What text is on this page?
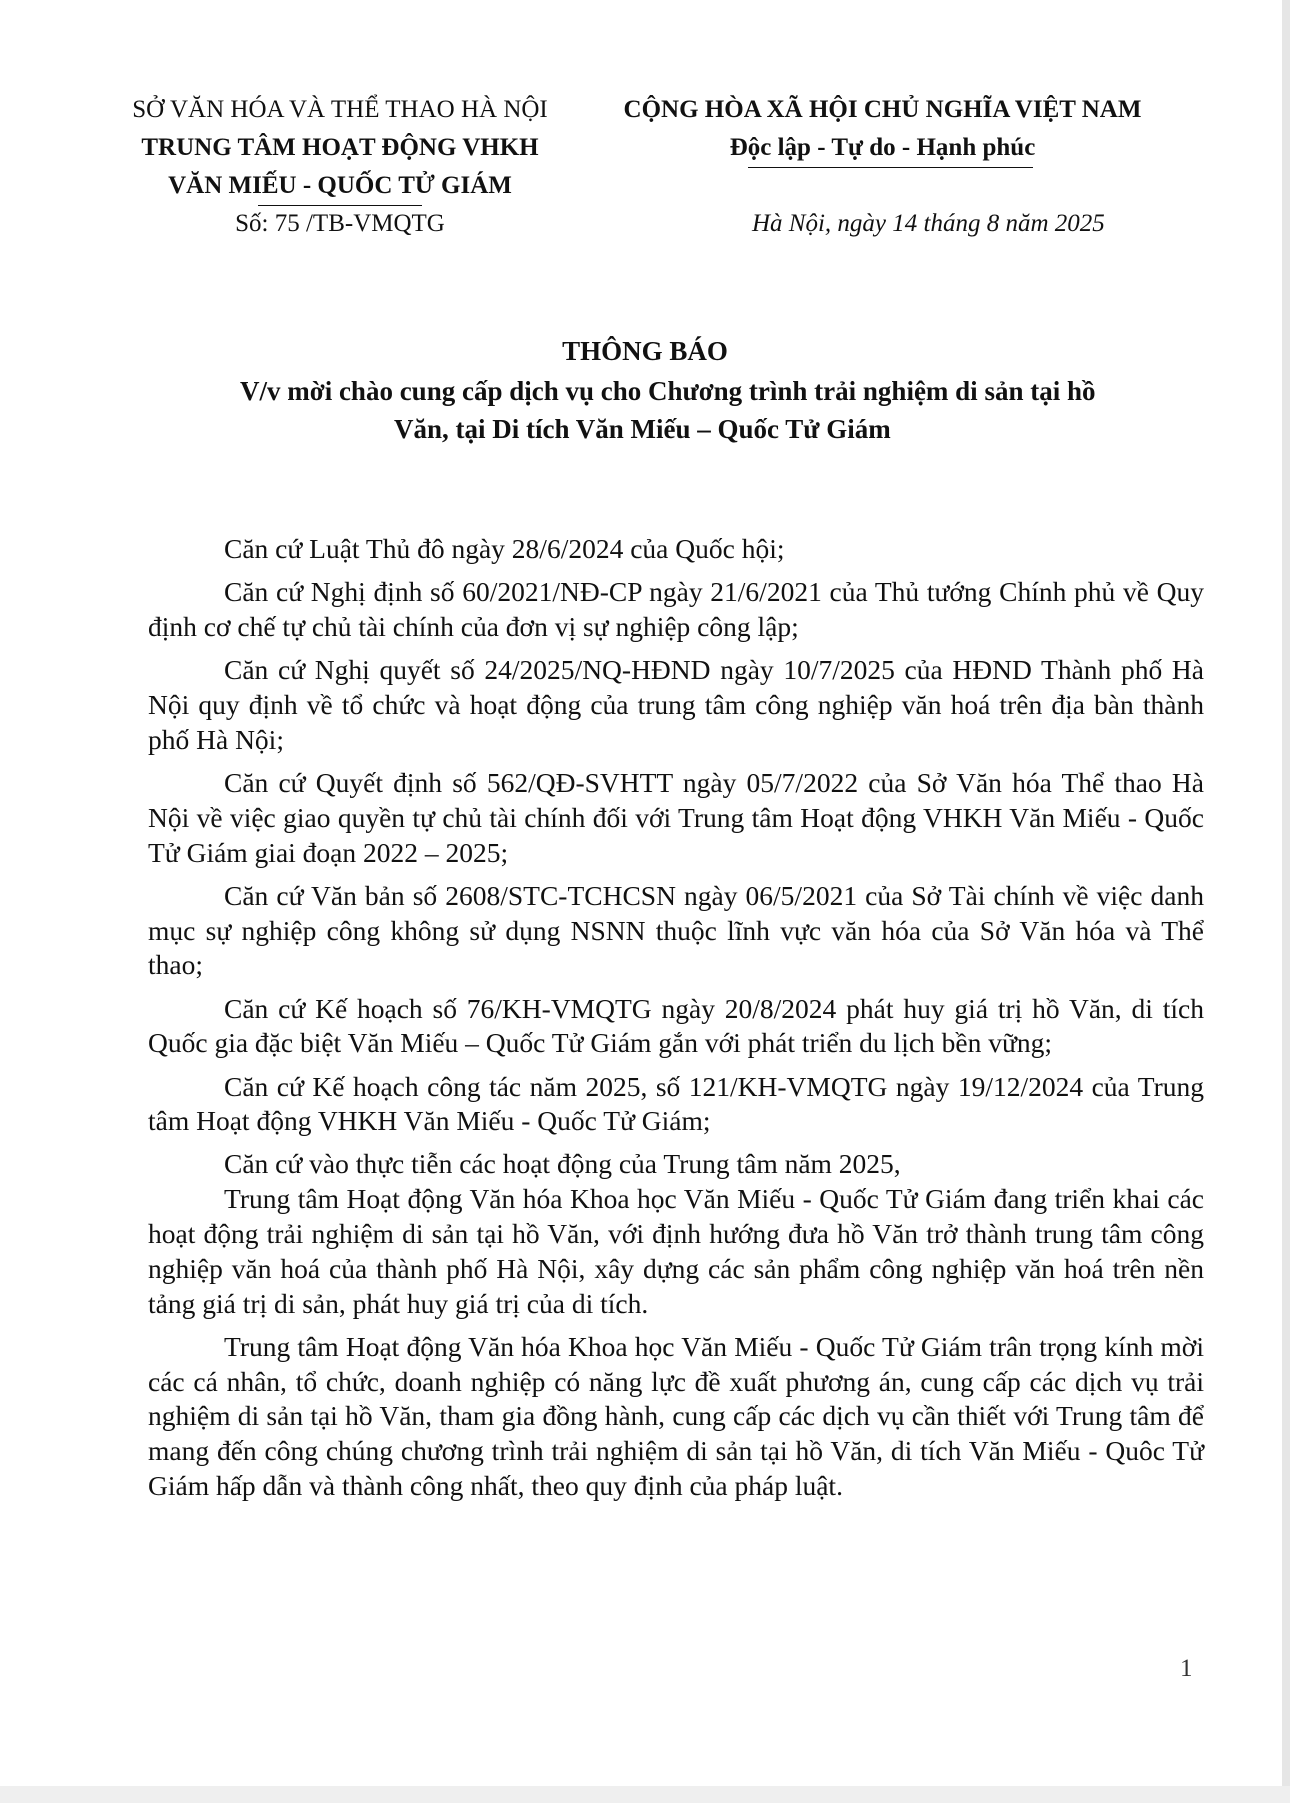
SỞ VĂN HÓA VÀ THỂ THAO HÀ NỘI
TRUNG TÂM HOẠT ĐỘNG VHKH
VĂN MIẾU - QUỐC TỬ GIÁM
Số: 75 /TB-VMQTG
CỘNG HÒA XÃ HỘI CHỦ NGHĨA VIỆT NAM
Độc lập - Tự do - Hạnh phúc
Hà Nội, ngày 14 tháng 8 năm 2025
THÔNG BÁO
V/v mời chào cung cấp dịch vụ cho Chương trình trải nghiệm di sản tại hồ
Văn, tại Di tích Văn Miếu – Quốc Tử Giám

Căn cứ Luật Thủ đô ngày 28/6/2024 của Quốc hội;

Căn cứ Nghị định số 60/2021/NĐ-CP ngày 21/6/2021 của Thủ tướng Chính phủ về Quy định cơ chế tự chủ tài chính của đơn vị sự nghiệp công lập;

Căn cứ Nghị quyết số 24/2025/NQ-HĐND ngày 10/7/2025 của HĐND Thành phố Hà Nội quy định về tổ chức và hoạt động của trung tâm công nghiệp văn hoá trên địa bàn thành phố Hà Nội;

Căn cứ Quyết định số 562/QĐ-SVHTT ngày 05/7/2022 của Sở Văn hóa Thể thao Hà Nội về việc giao quyền tự chủ tài chính đối với Trung tâm Hoạt động VHKH Văn Miếu - Quốc Tử Giám giai đoạn 2022 – 2025;

Căn cứ Văn bản số 2608/STC-TCHCSN ngày 06/5/2021 của Sở Tài chính về việc danh mục sự nghiệp công không sử dụng NSNN thuộc lĩnh vực văn hóa của Sở Văn hóa và Thể thao;

Căn cứ Kế hoạch số 76/KH-VMQTG ngày 20/8/2024 phát huy giá trị hồ Văn, di tích Quốc gia đặc biệt Văn Miếu – Quốc Tử Giám gắn với phát triển du lịch bền vững;

Căn cứ Kế hoạch công tác năm 2025, số 121/KH-VMQTG ngày 19/12/2024 của Trung tâm Hoạt động VHKH Văn Miếu - Quốc Tử Giám;

Căn cứ vào thực tiễn các hoạt động của Trung tâm năm 2025,

Trung tâm Hoạt động Văn hóa Khoa học Văn Miếu - Quốc Tử Giám đang triển khai các hoạt động trải nghiệm di sản tại hồ Văn, với định hướng đưa hồ Văn trở thành trung tâm công nghiệp văn hoá của thành phố Hà Nội, xây dựng các sản phẩm công nghiệp văn hoá trên nền tảng giá trị di sản, phát huy giá trị của di tích.

Trung tâm Hoạt động Văn hóa Khoa học Văn Miếu - Quốc Tử Giám trân trọng kính mời các cá nhân, tổ chức, doanh nghiệp có năng lực đề xuất phương án, cung cấp các dịch vụ trải nghiệm di sản tại hồ Văn, tham gia đồng hành, cung cấp các dịch vụ cần thiết với Trung tâm để mang đến công chúng chương trình trải nghiệm di sản tại hồ Văn, di tích Văn Miếu - Quôc Tử Giám hấp dẫn và thành công nhất, theo quy định của pháp luật.

1
